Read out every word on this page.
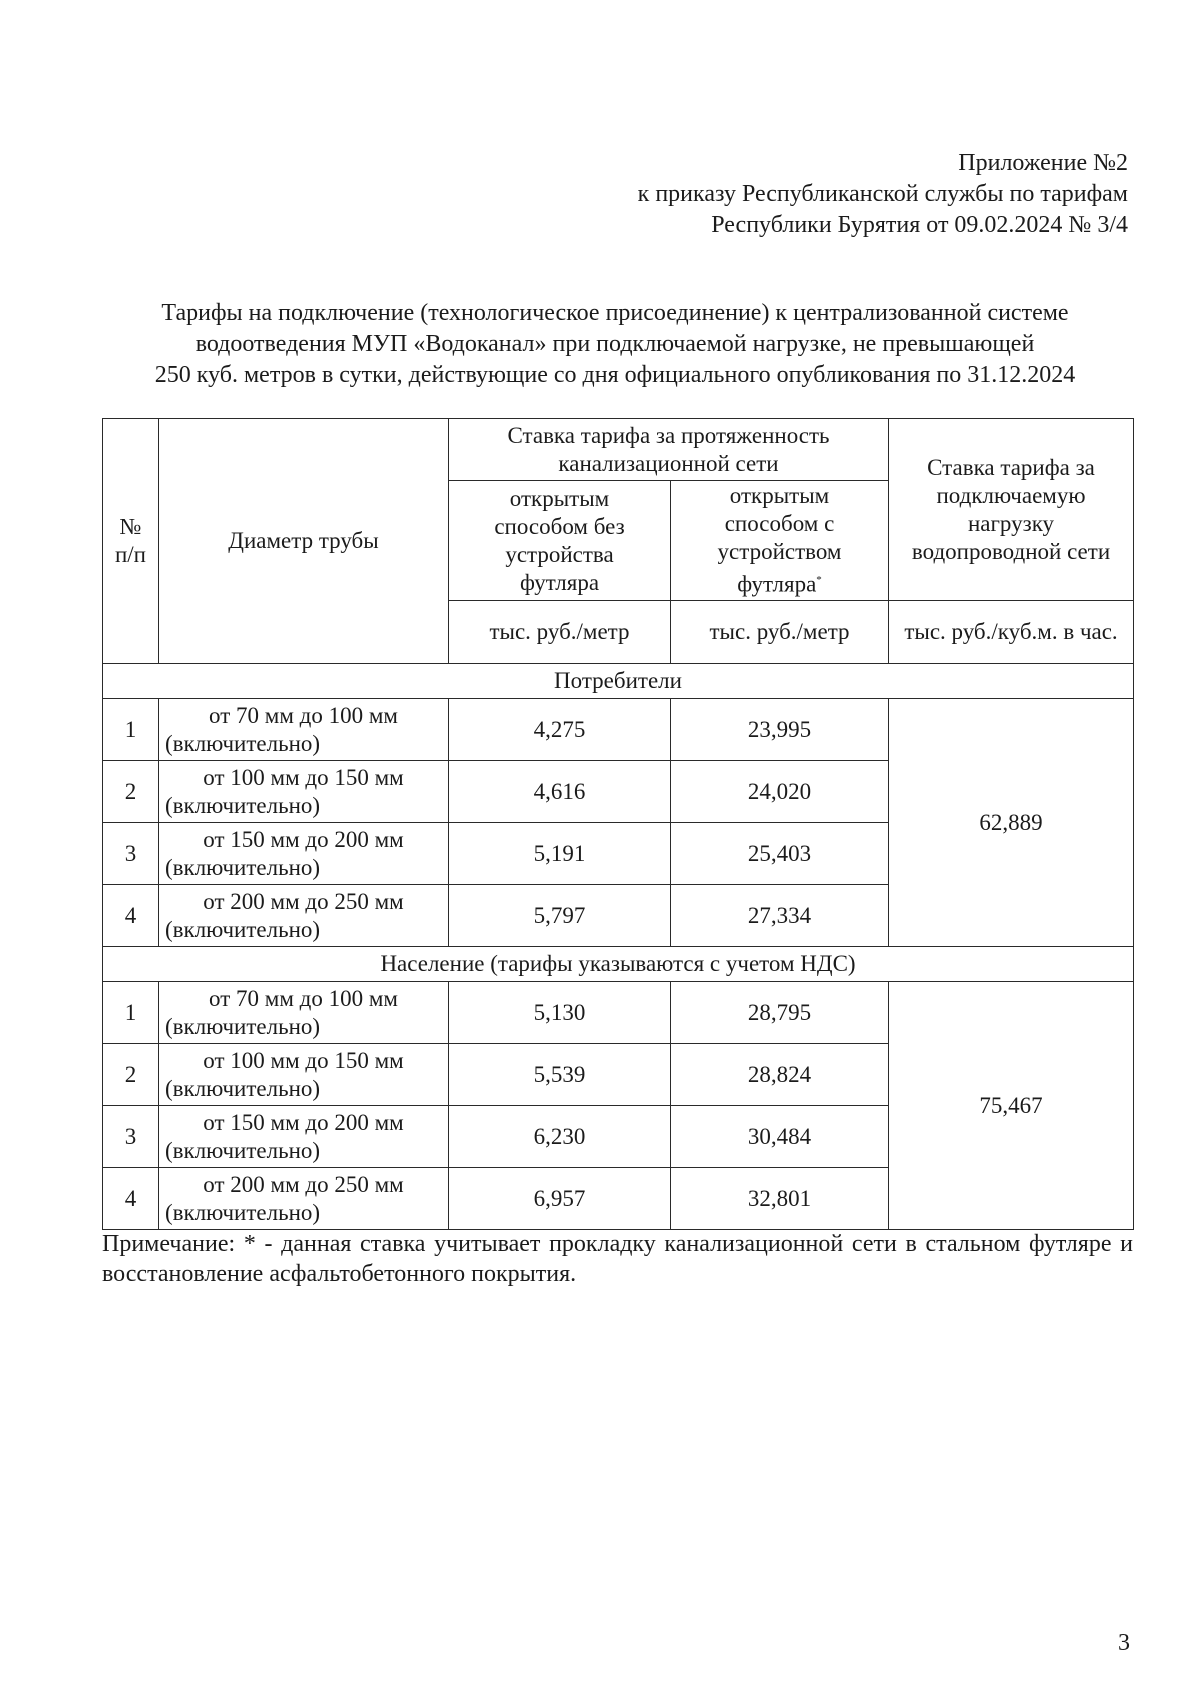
Приложение №2
к приказу Республиканской службы по тарифам
Республики Бурятия от 09.02.2024 № 3/4
Тарифы на подключение (технологическое присоединение) к централизованной системе
водоотведения МУП «Водоканал» при подключаемой нагрузке, не превышающей
250 куб. метров в сутки, действующие со дня официального опубликования по 31.12.2024
№ п/п	Диаметр трубы	Ставка тарифа за протяженность канализационной сети		Ставка тарифа за подключаемую нагрузку водопроводной сети
		открытым способом без устройства футляра	открытым способом с устройством футляра*
		тыс. руб./метр	тыс. руб./метр	тыс. руб./куб.м. в час.
Потребители				
1	от 70 мм до 100 мм (включительно)	4,275	23,995	62,889
2	от 100 мм до 150 мм (включительно)	4,616	24,020	
3	от 150 мм до 200 мм (включительно)	5,191	25,403	
4	от 200 мм до 250 мм (включительно)	5,797	27,334	
Население (тарифы указываются с учетом НДС)				
1	от 70 мм до 100 мм (включительно)	5,130	28,795	75,467
2	от 100 мм до 150 мм (включительно)	5,539	28,824	
3	от 150 мм до 200 мм (включительно)	6,230	30,484	
4	от 200 мм до 250 мм (включительно)	6,957	32,801	
Примечание: * - данная ставка учитывает прокладку канализационной сети в стальном футляре и восстановление асфальтобетонного покрытия.
3
